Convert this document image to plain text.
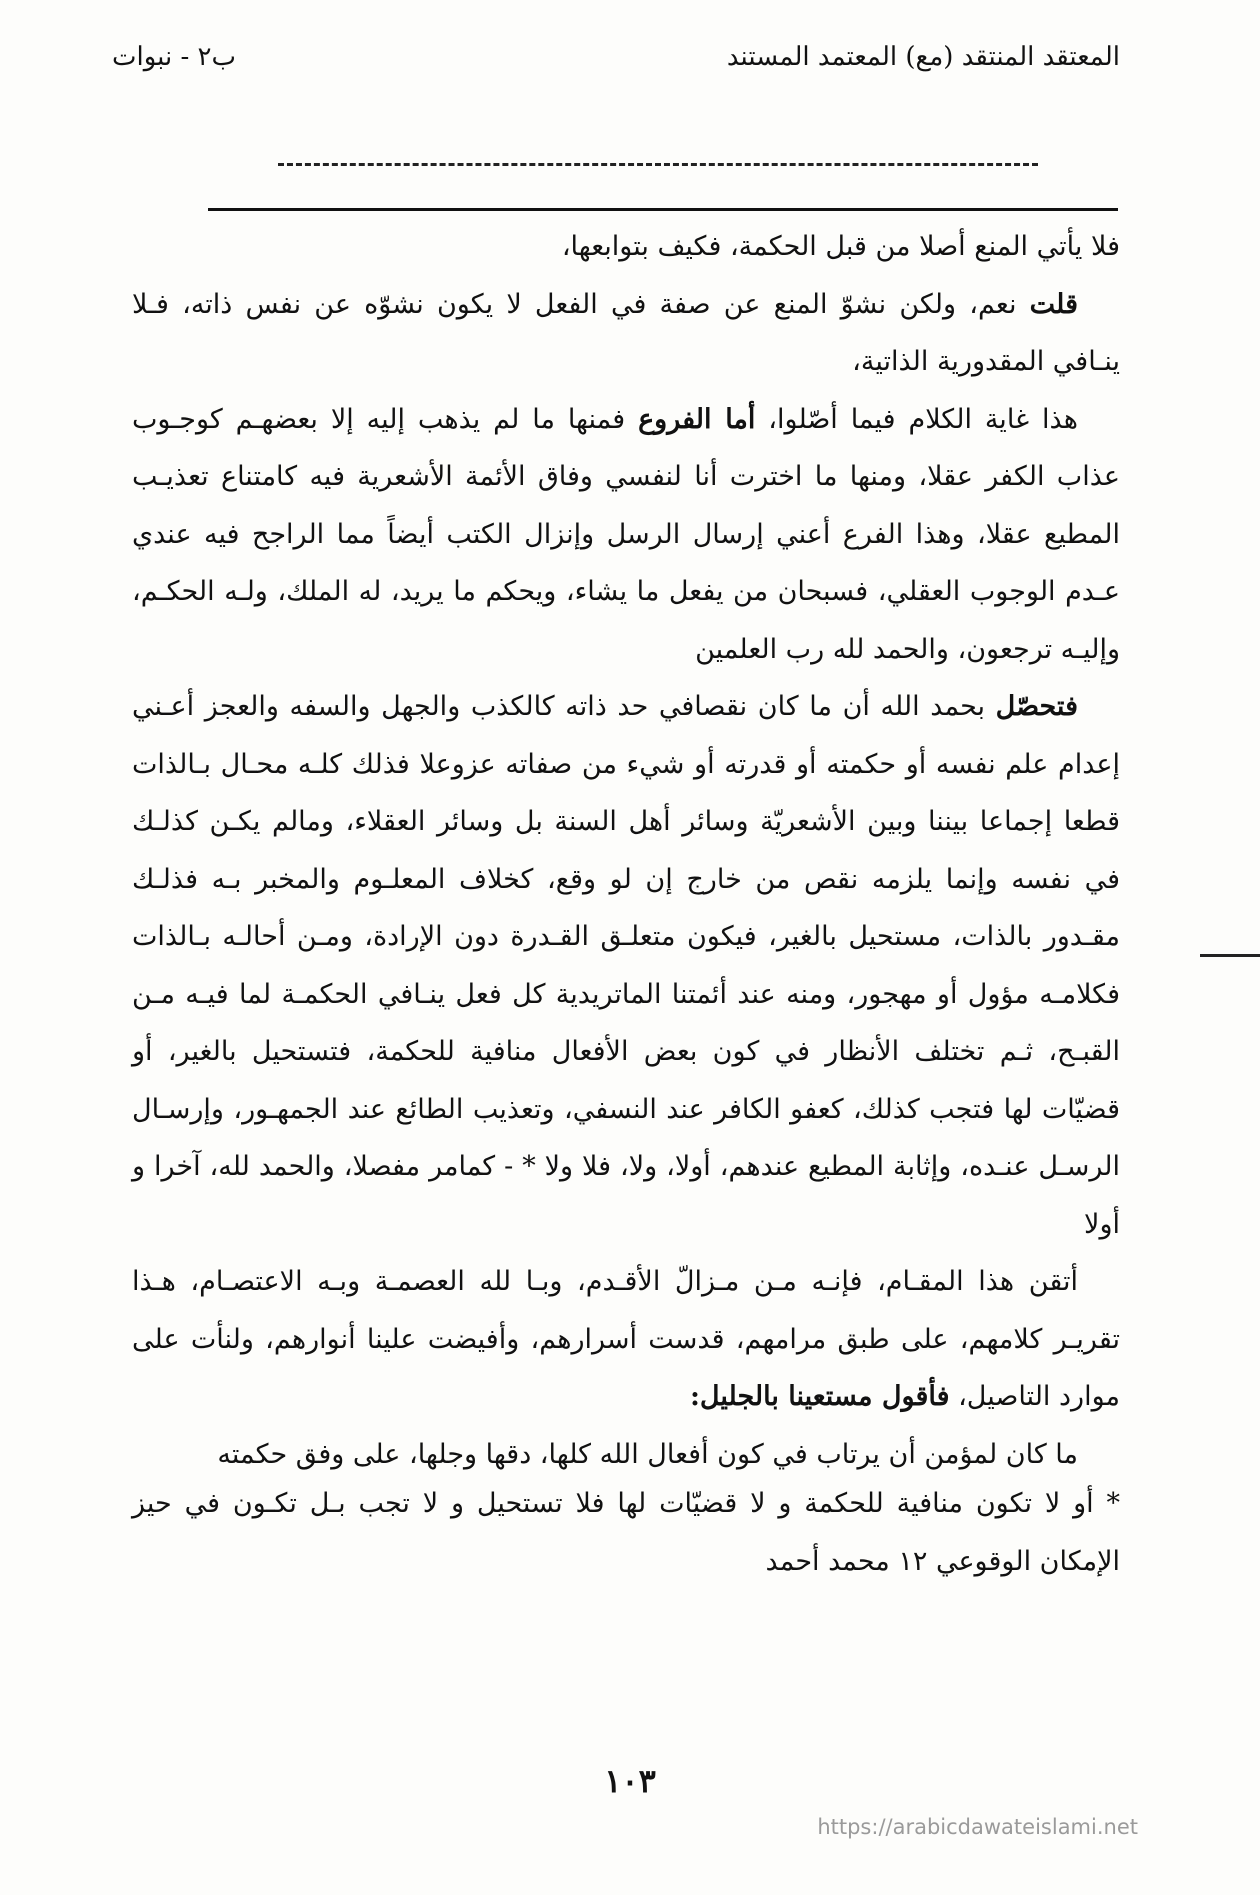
المعتقد المنتقد (مع) المعتمد المستند
ب٢ - نبوات

فلا يأتي المنع أصلا من قبل الحكمة، فكيف بتوابعها،

قلت نعم، ولكن نشوّ المنع عن صفة في الفعل لا يكون نشوّه عن نفس ذاته، فـلا ينـافي المقدورية الذاتية،

هذا غاية الكلام فيما أصّلوا، أما الفروع فمنها ما لم يذهب إليه إلا بعضهـم كوجـوب عذاب الكفر عقلا، ومنها ما اخترت أنا لنفسي وفاق الأئمة الأشعرية فيه كامتناع تعذيـب المطيع عقلا، وهذا الفرع أعني إرسال الرسل وإنزال الكتب أيضاً مما الراجح فيه عندي عـدم الوجوب العقلي، فسبحان من يفعل ما يشاء، ويحكم ما يريد، له الملك، ولـه الحكـم، وإليـه ترجعون، والحمد لله رب العلمين

فتحصّل بحمد الله أن ما كان نقصافي حد ذاته كالكذب والجهل والسفه والعجز أعـني إعدام علم نفسه أو حكمته أو قدرته أو شيء من صفاته عزوعلا فذلك كلـه محـال بـالذات قطعا إجماعا بيننا وبين الأشعريّة وسائر أهل السنة بل وسائر العقلاء، ومالم يكـن كذلـك في نفسه وإنما يلزمه نقص من خارج إن لو وقع، كخلاف المعلـوم والمخبر بـه فذلـك مقـدور بالذات، مستحيل بالغير، فيكون متعلـق القـدرة دون الإرادة، ومـن أحالـه بـالذات فكلامـه مؤول أو مهجور، ومنه عند أئمتنا الماتريدية كل فعل ينـافي الحكمـة لما فيـه مـن القبـح، ثـم تختلف الأنظار في كون بعض الأفعال منافية للحكمة، فتستحيل بالغير، أو قضيّات لها فتجب كذلك، كعفو الكافر عند النسفي، وتعذيب الطائع عند الجمهـور، وإرسـال الرسـل عنـده، وإثابة المطيع عندهم، أولا، ولا، فلا ولا * - كمامر مفصلا، والحمد لله، آخرا و أولا

أتقن هذا المقـام، فإنـه مـن مـزالّ الأقـدم، وبـا لله العصمـة وبـه الاعتصـام، هـذا تقريـر كلامهم، على طبق مرامهم، قدست أسرارهم، وأفيضت علينا أنوارهم، ولنأت على موارد التاصيل، فأقول مستعينا بالجليل:

ما كان لمؤمن أن يرتاب في كون أفعال الله كلها، دقها وجلها، على وفق حكمته

* أو لا تكون منافية للحكمة و لا قضيّات لها فلا تستحيل و لا تجب بـل تكـون في حيز الإمكان الوقوعي ١٢ محمد أحمد

١٠٣
https://arabicdawateislami.net
